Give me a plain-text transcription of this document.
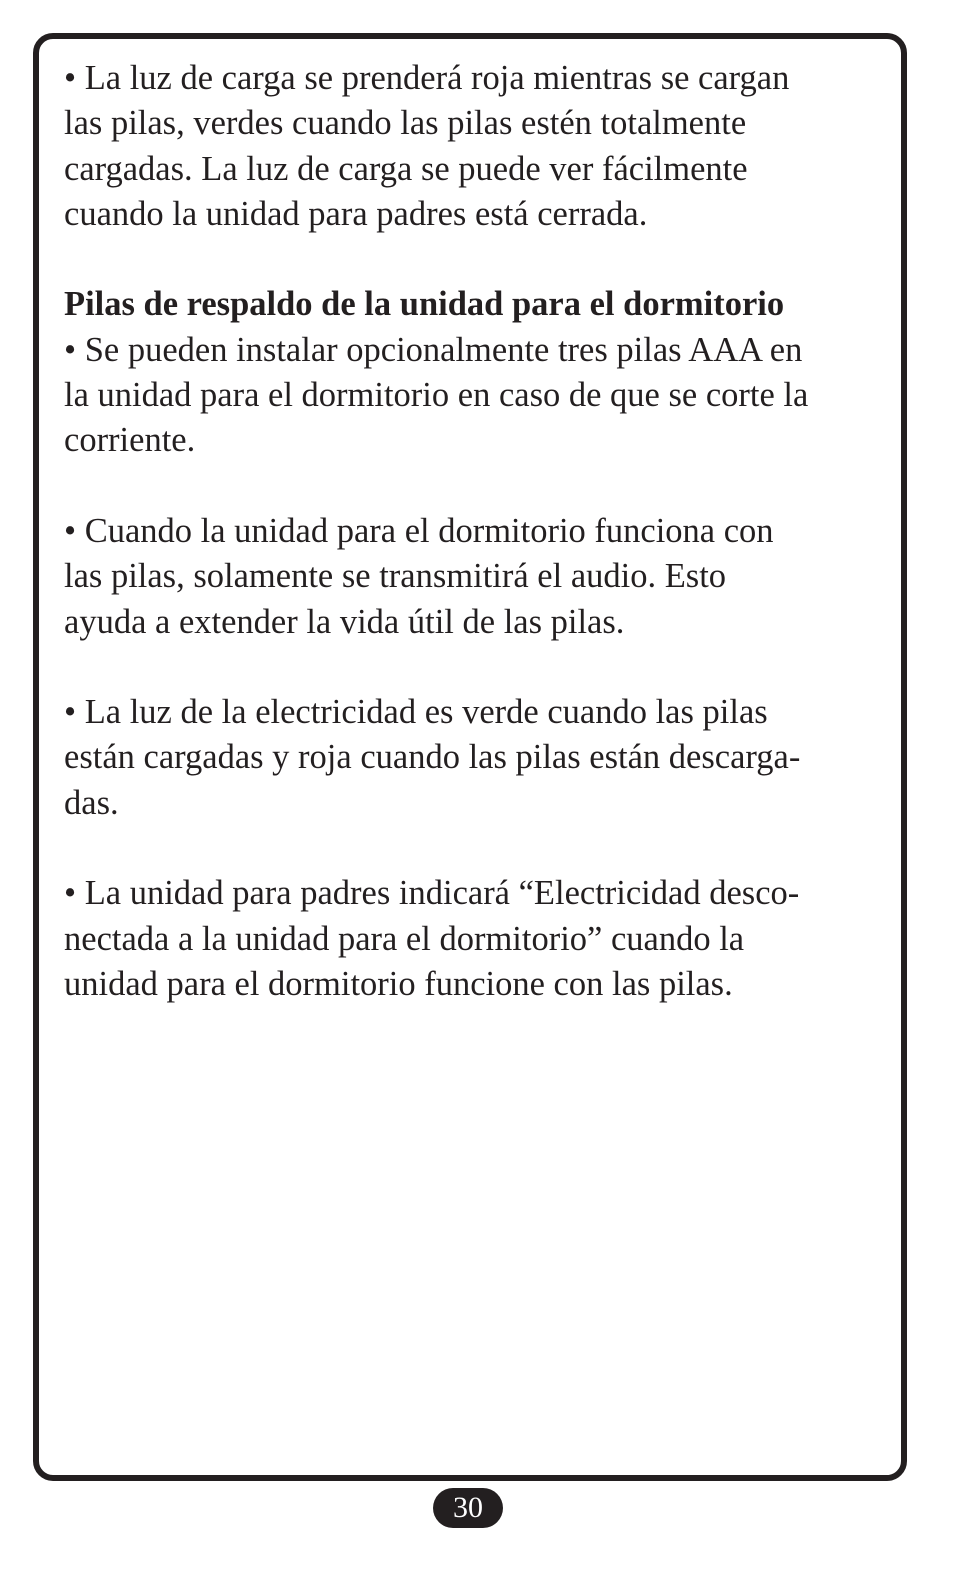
• La luz de carga se prenderá roja mientras se cargan
las pilas, verdes cuando las pilas estén totalmente
cargadas. La luz de carga se puede ver fácilmente
cuando la unidad para padres está cerrada.

Pilas de respaldo de la unidad para el dormitorio
• Se pueden instalar opcionalmente tres pilas AAA en
la unidad para el dormitorio en caso de que se corte la
corriente.

• Cuando la unidad para el dormitorio funciona con
las pilas, solamente se transmitirá el audio. Esto
ayuda a extender la vida útil de las pilas.

• La luz de la electricidad es verde cuando las pilas
están cargadas y roja cuando las pilas están descarga-
das.

• La unidad para padres indicará “Electricidad desco-
nectada a la unidad para el dormitorio” cuando la
unidad para el dormitorio funcione con las pilas.

30
